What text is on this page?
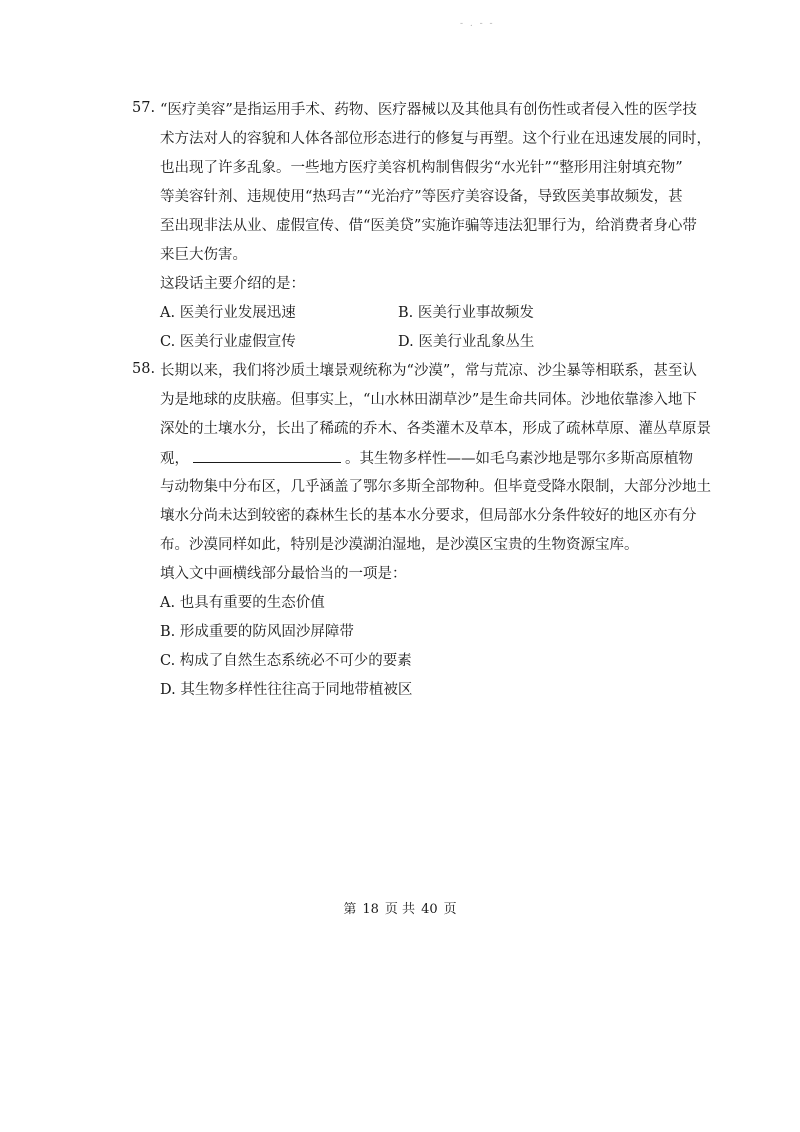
- . - -
57. “医疗美容”是指运用手术、药物、医疗器械以及其他具有创伤性或者侵入性的医学技
术方法对人的容貌和人体各部位形态进行的修复与再塑。这个行业在迅速发展的同时，
也出现了许多乱象。一些地方医疗美容机构制售假劣“水光针”“整形用注射填充物”
等美容针剂、违规使用“热玛吉”“光治疗”等医疗美容设备，导致医美事故频发，甚
至出现非法从业、虚假宣传、借“医美贷”实施诈骗等违法犯罪行为，给消费者身心带
来巨大伤害。
这段话主要介绍的是：
A. 医美行业发展迅速	B. 医美行业事故频发
C. 医美行业虚假宣传	D. 医美行业乱象丛生
58. 长期以来，我们将沙质土壤景观统称为“沙漠”，常与荒凉、沙尘暴等相联系，甚至认
为是地球的皮肤癌。但事实上，“山水林田湖草沙”是生命共同体。沙地依靠渗入地下
深处的土壤水分，长出了稀疏的乔木、各类灌木及草本，形成了疏林草原、灌丛草原景
观，	。其生物多样性——如毛乌素沙地是鄂尔多斯高原植物
与动物集中分布区，几乎涵盖了鄂尔多斯全部物种。但毕竟受降水限制，大部分沙地土
壤水分尚未达到较密的森林生长的基本水分要求，但局部水分条件较好的地区亦有分
布。沙漠同样如此，特别是沙漠湖泊湿地，是沙漠区宝贵的生物资源宝库。
填入文中画横线部分最恰当的一项是：
A. 也具有重要的生态价值
B. 形成重要的防风固沙屏障带
C. 构成了自然生态系统必不可少的要素
D. 其生物多样性往往高于同地带植被区
第 18 页 共 40 页
